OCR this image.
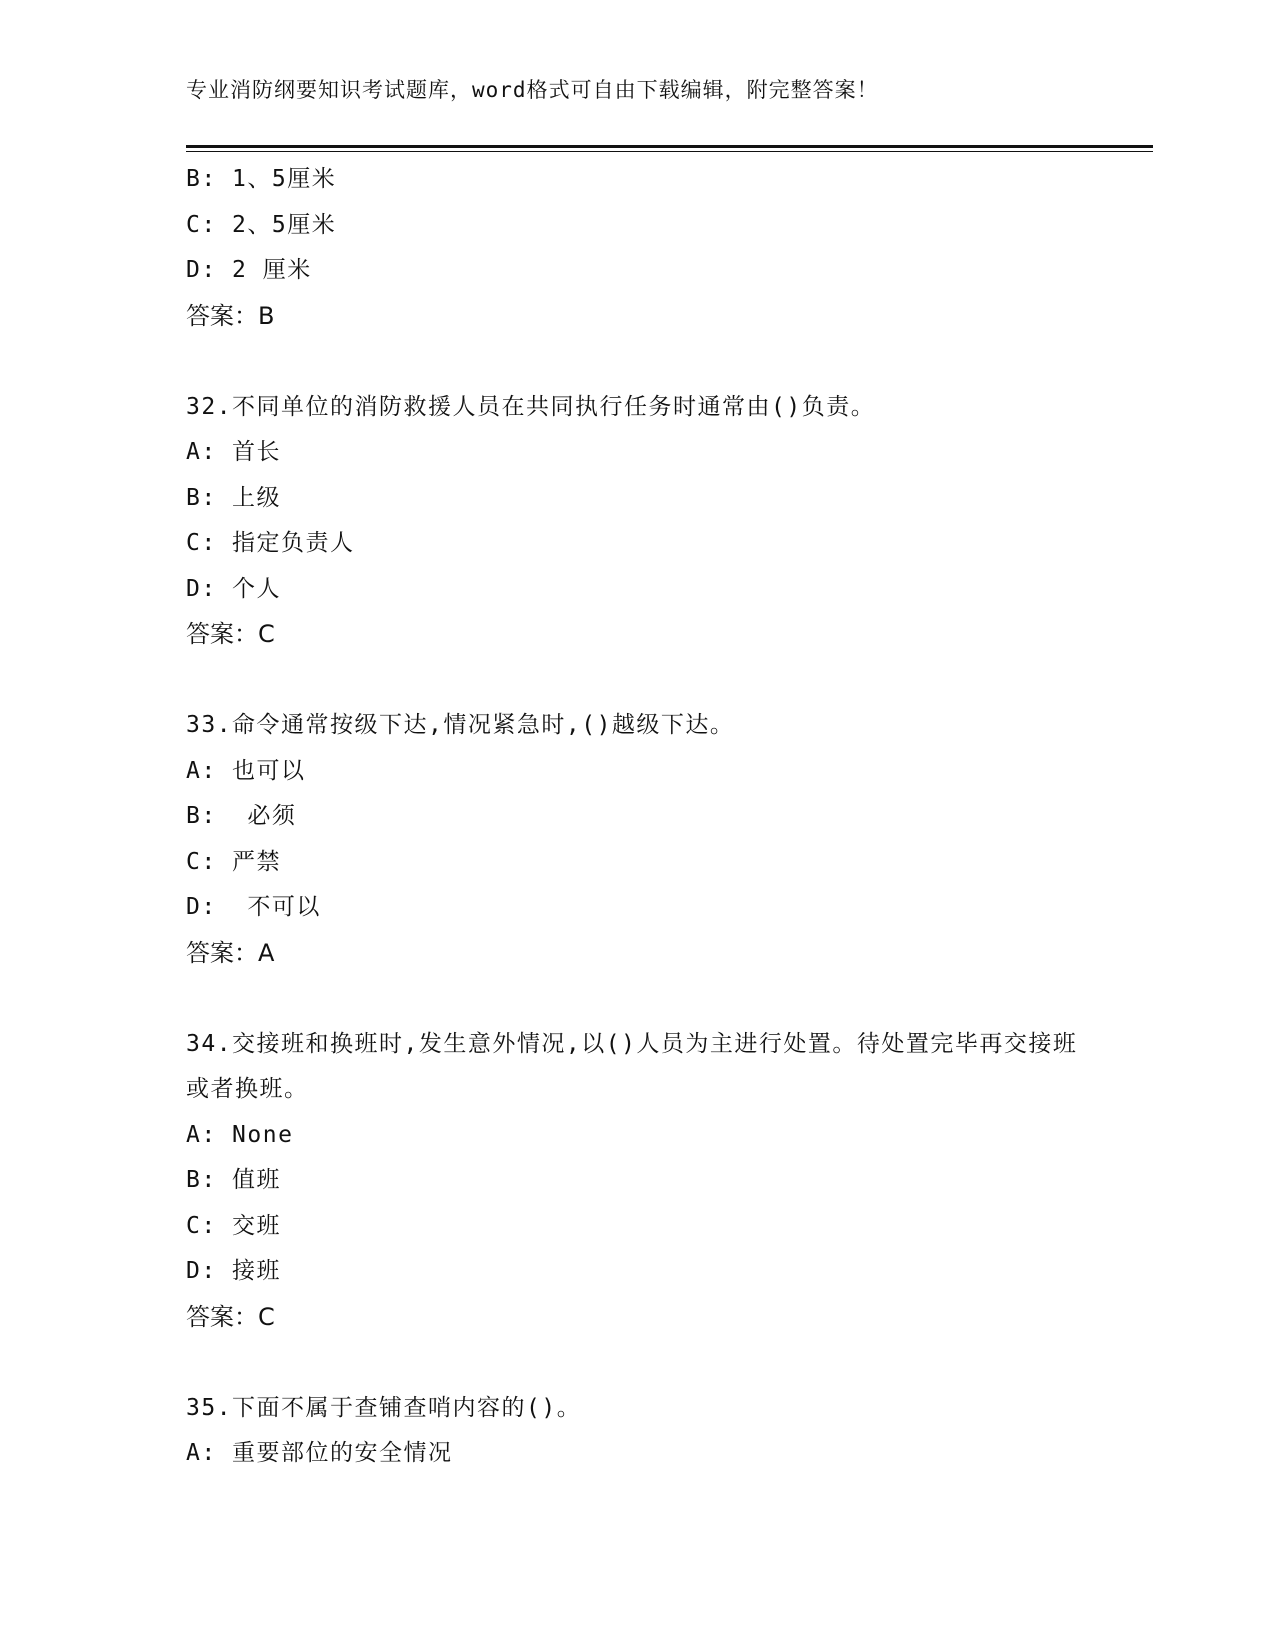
专业消防纲要知识考试题库，word格式可自由下载编辑，附完整答案！
B: 1、5厘米
C: 2、5厘米
D: 2 厘米
答案：B
32.不同单位的消防救援人员在共同执行任务时通常由()负责。
A: 首长
B: 上级
C: 指定负责人
D: 个人
答案：C
33.命令通常按级下达,情况紧急时,()越级下达。
A: 也可以
B:  必须
C: 严禁
D:  不可以
答案：A
34.交接班和换班时,发生意外情况,以()人员为主进行处置。待处置完毕再交接班或者换班。
A: None
B: 值班
C: 交班
D: 接班
答案：C
35.下面不属于查铺查哨内容的()。
A: 重要部位的安全情况
